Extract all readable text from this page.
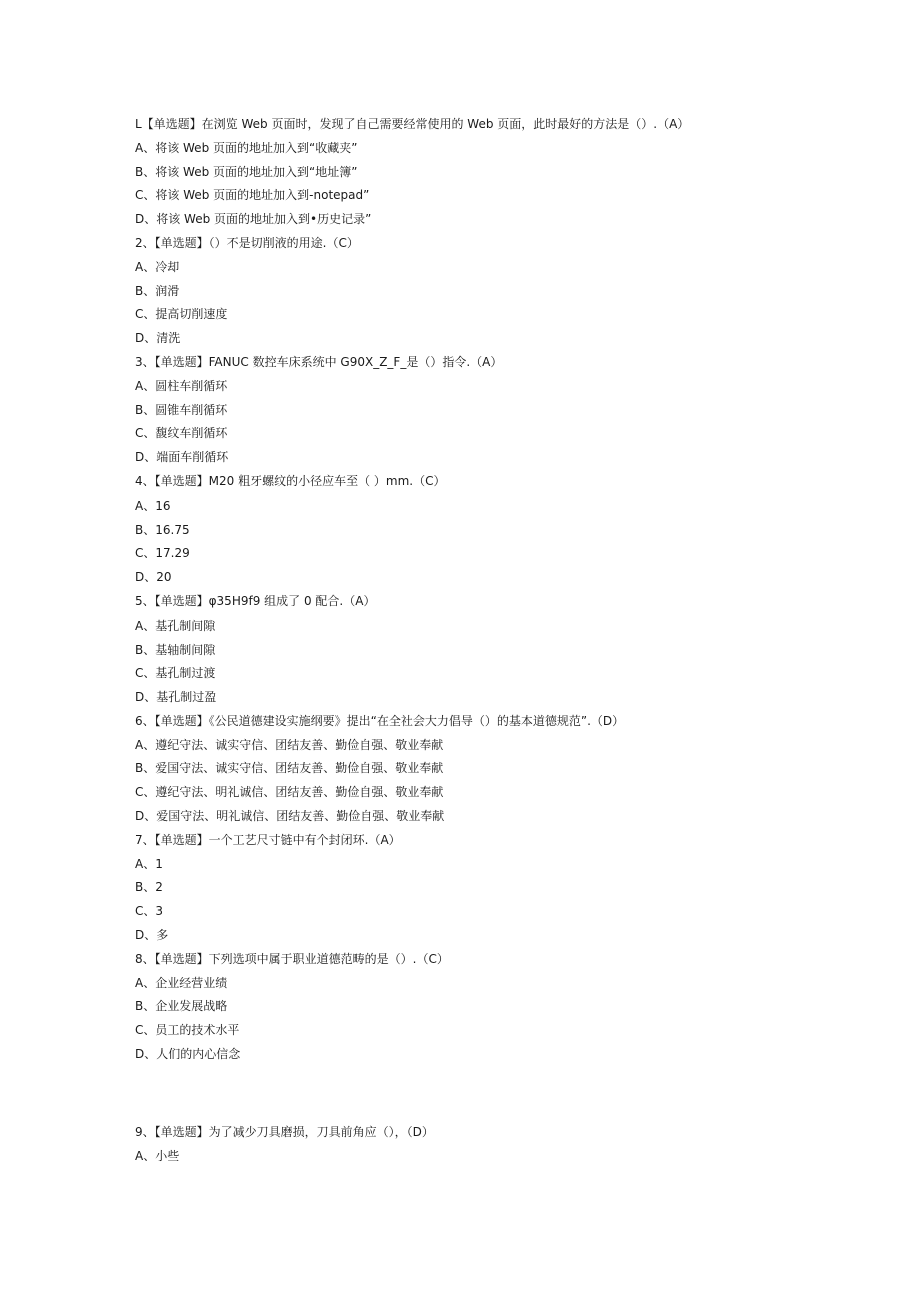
L【单选题】在浏览 Web 页面时，发现了自己需要经常使用的 Web 页面，此时最好的方法是（）.（A）
A、将该 Web 页面的地址加入到“收藏夹”
B、将该 Web 页面的地址加入到“地址簿”
C、将该 Web 页面的地址加入到-notepad”
D、将该 Web 页面的地址加入到•历史记录”
2、【单选题】（）不是切削液的用途.（C）
A、冷却
B、润滑
C、提高切削速度
D、清洗
3、【单选题】FANUC 数控车床系统中 G90X_Z_F_是（）指令.（A）
A、圆柱车削循环
B、圆锥车削循环
C、馥纹车削循环
D、端面车削循环
4、【单选题】M20 粗牙螺纹的小径应车至（ ）mm.（C）
A、16
B、16.75
C、17.29
D、20
5、【单选题】φ35H9f9 组成了 0 配合.（A）
A、基孔制间隙
B、基轴制间隙
C、基孔制过渡
D、基孔制过盈
6、【单选题】《公民道德建设实施纲要》提出“在全社会大力倡导（）的基本道德规范”.（D）
A、遵纪守法、诚实守信、团结友善、勤俭自强、敬业奉献
B、爱国守法、诚实守信、团结友善、勤俭自强、敬业奉献
C、遵纪守法、明礼诚信、团结友善、勤俭自强、敬业奉献
D、爱国守法、明礼诚信、团结友善、勤俭自强、敬业奉献
7、【单选题】一个工艺尺寸链中有个封闭环.（A）
A、1
B、2
C、3
D、多
8、【单选题】下列选项中属于职业道德范畴的是（）.（C）
A、企业经营业绩
B、企业发展战略
C、员工的技术水平
D、人们的内心信念
9、【单选题】为了减少刀具磨损，刀具前角应（），（D）
A、小些
